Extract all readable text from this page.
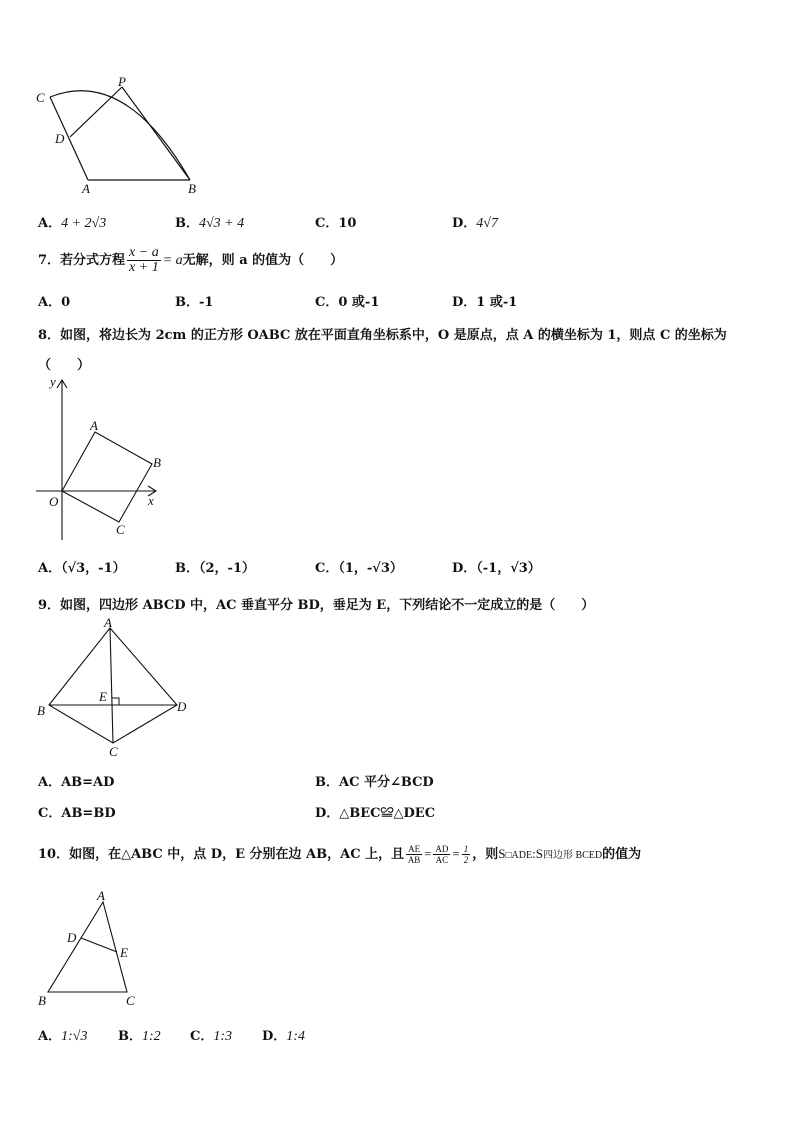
C
P
D
A	B
A．4 + 2√3	B．4√3 + 4	C．10	D．4√7
7．若分式方程 $\frac{x - a}{x + 1} = a$无解，则 a 的值为（　　）
A．0	B．-1	C．0 或-1	D．1 或-1
8．如图，将边长为 2cm 的正方形 OABC 放在平面直角坐标系中，O 是原点，点 A 的横坐标为 1，则点 C 的坐标为
（　　）
y
x
O
A
B
C
A．（√3，-1）	B．（2，-1）	C．（1，-√3）	D．（-1，√3）
9．如图，四边形 ABCD 中，AC 垂直平分 BD，垂足为 E，下列结论不一定成立的是（　　）
A
B
C
D
E
A．AB=AD	B．AC 平分∠BCD
C．AB=BD	D．△BEC≌△DEC
10．如图，在△ABC 中，点 D，E 分别在边 AB，AC 上，且 $\frac{AE}{AB} = \frac{AD}{AC} = \frac{1}{2}$ ，则S□ADE:S四边形 BCED的值为
A
D
E
B	C
A．1:√3 B．1:2 C．1:3 D．1:4
